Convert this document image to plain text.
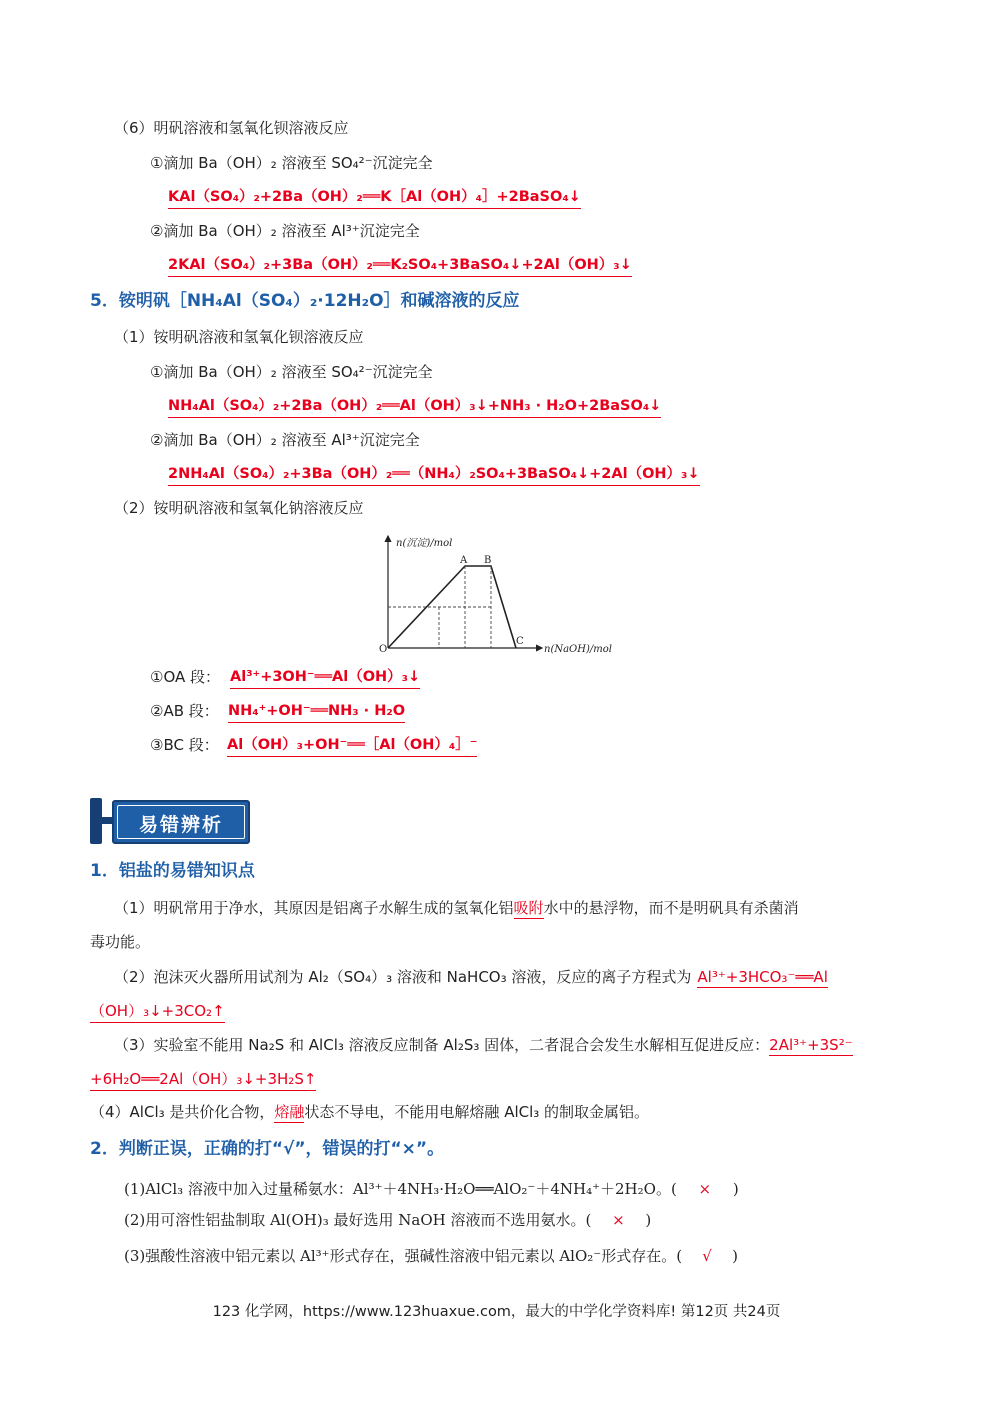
（6）明矾溶液和氢氧化钡溶液反应
①滴加 Ba（OH）₂ 溶液至 SO₄²⁻沉淀完全
KAl（SO₄）₂+2Ba（OH）₂══K［Al（OH）₄］+2BaSO₄↓
②滴加 Ba（OH）₂ 溶液至 Al³⁺沉淀完全
2KAl（SO₄）₂+3Ba（OH）₂══K₂SO₄+3BaSO₄↓+2Al（OH）₃↓
5．铵明矾［NH₄Al（SO₄）₂·12H₂O］和碱溶液的反应
（1）铵明矾溶液和氢氧化钡溶液反应
①滴加 Ba（OH）₂ 溶液至 SO₄²⁻沉淀完全
NH₄Al（SO₄）₂+2Ba（OH）₂══Al（OH）₃↓+NH₃ · H₂O+2BaSO₄↓
②滴加 Ba（OH）₂ 溶液至 Al³⁺沉淀完全
2NH₄Al（SO₄）₂+3Ba（OH）₂══（NH₄）₂SO₄+3BaSO₄↓+2Al（OH）₃↓
（2）铵明矾溶液和氢氧化钠溶液反应
n(沉淀)/mol
n(NaOH)/mol
O
A B
C
①OA 段： Al³⁺+3OH⁻══Al（OH）₃↓
②AB 段： NH₄⁺+OH⁻══NH₃ · H₂O
③BC 段： Al（OH）₃+OH⁻══［Al（OH）₄］⁻
易错辨析
1．铝盐的易错知识点
（1）明矾常用于净水，其原因是铝离子水解生成的氢氧化铝吸附水中的悬浮物，而不是明矾具有杀菌消
毒功能。
（2）泡沫灭火器所用试剂为 Al₂（SO₄）₃ 溶液和 NaHCO₃ 溶液，反应的离子方程式为 Al³⁺+3HCO₃⁻══Al
（OH）₃↓+3CO₂↑
（3）实验室不能用 Na₂S 和 AlCl₃ 溶液反应制备 Al₂S₃ 固体，二者混合会发生水解相互促进反应：2Al³⁺+3S²⁻
+6H₂O══2Al（OH）₃↓+3H₂S↑
（4）AlCl₃ 是共价化合物，熔融状态不导电，不能用电解熔融 AlCl₃ 的制取金属铝。
2．判断正误，正确的打“√”，错误的打“×”。
(1)AlCl₃ 溶液中加入过量稀氨水：Al³⁺＋4NH₃·H₂O══AlO₂⁻＋4NH₄⁺＋2H₂O。( × )
(2)用可溶性铝盐制取 Al(OH)₃ 最好选用 NaOH 溶液而不选用氨水。( × )
(3)强酸性溶液中铝元素以 Al³⁺形式存在，强碱性溶液中铝元素以 AlO₂⁻形式存在。( √ )
123 化学网，https://www.123huaxue.com，最大的中学化学资料库! 第12页 共24页
